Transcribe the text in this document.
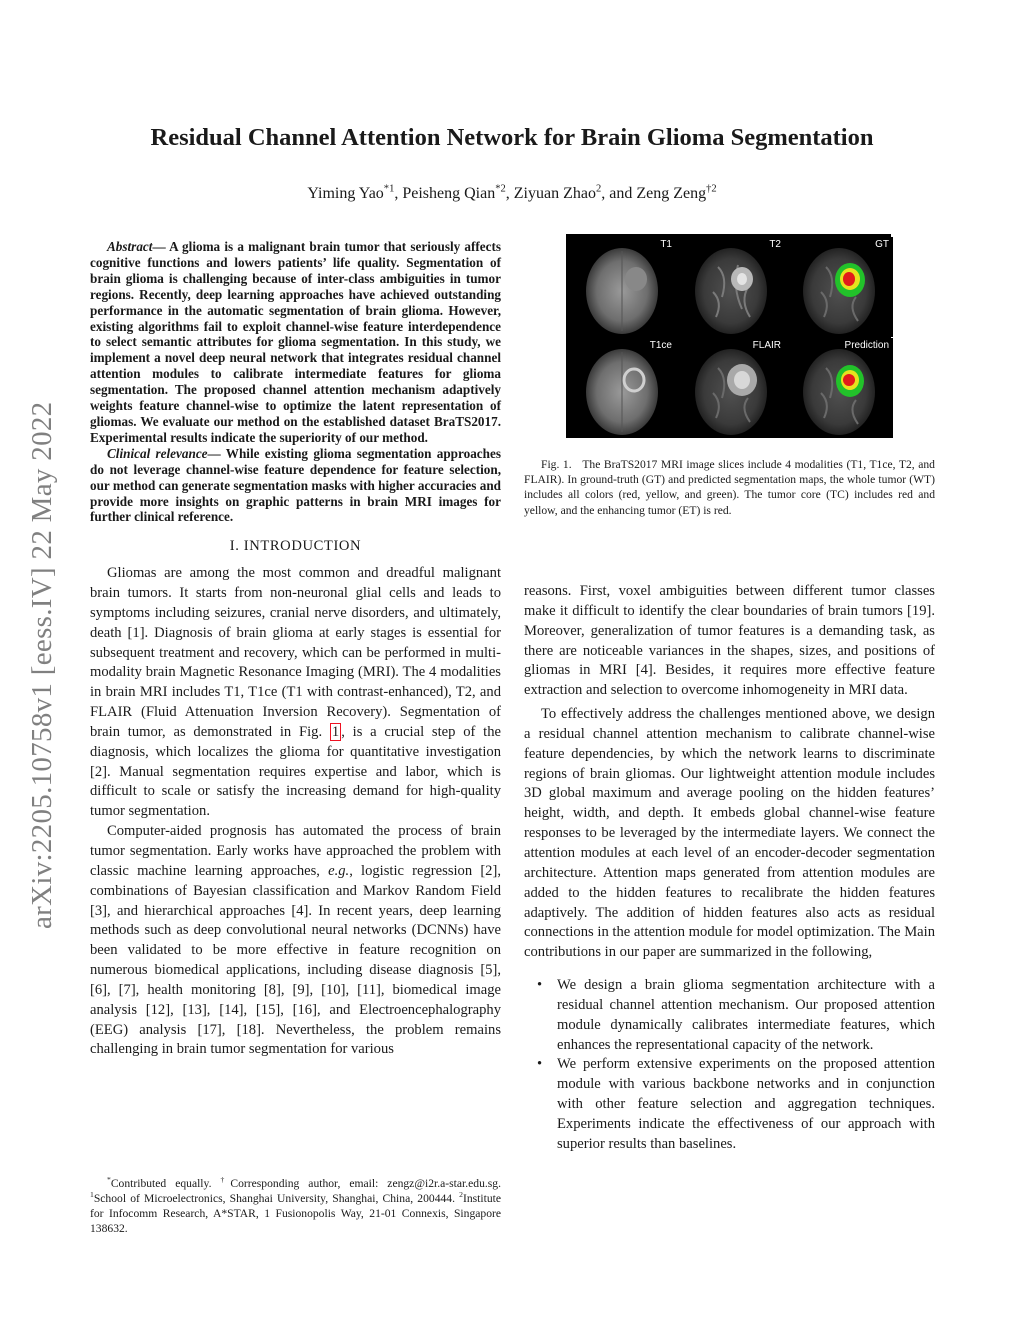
arXiv:2205.10758v1 [eess.IV] 22 May 2022
Residual Channel Attention Network for Brain Glioma Segmentation
Yiming Yao$^{*1}$, Peisheng Qian$^{*2}$, Ziyuan Zhao$^2$, and Zeng Zeng$^{\dagger 2}$

Abstract— A glioma is a malignant brain tumor that seriously affects cognitive functions and lowers patients’ life quality. Segmentation of brain glioma is challenging because of inter-class ambiguities in tumor regions. Recently, deep learning approaches have achieved outstanding performance in the automatic segmentation of brain glioma. However, existing algorithms fail to exploit channel-wise feature interdependence to select semantic attributes for glioma segmentation. In this study, we implement a novel deep neural network that integrates residual channel attention modules to calibrate intermediate features for glioma segmentation. The proposed channel attention mechanism adaptively weights feature channel-wise to optimize the latent representation of gliomas. We evaluate our method on the established dataset BraTS2017. Experimental results indicate the superiority of our method.

Clinical relevance— While existing glioma segmentation approaches do not leverage channel-wise feature dependence for feature selection, our method can generate segmentation masks with higher accuracies and provide more insights on graphic patterns in brain MRI images for further clinical reference.

I. INTRODUCTION

Gliomas are among the most common and dreadful malignant brain tumors. It starts from non-neuronal glial cells and leads to symptoms including seizures, cranial nerve disorders, and ultimately, death [1]. Diagnosis of brain glioma at early stages is essential for subsequent treatment and recovery, which can be performed in multi-modality brain Magnetic Resonance Imaging (MRI). The 4 modalities in brain MRI includes T1, T1ce (T1 with contrast-enhanced), T2, and FLAIR (Fluid Attenuation Inversion Recovery). Segmentation of brain tumor, as demonstrated in Fig. 1 , is a crucial step of the diagnosis, which localizes the glioma for quantitative investigation [2]. Manual segmentation requires expertise and labor, which is difficult to scale or satisfy the increasing demand for high-quality tumor segmentation.

Computer-aided prognosis has automated the process of brain tumor segmentation. Early works have approached the problem with classic machine learning approaches, e.g., logistic regression [2], combinations of Bayesian classification and Markov Random Field [3], and hierarchical approaches [4]. In recent years, deep learning methods such as deep convolutional neural networks (DCNNs) have been validated to be more effective in feature recognition on numerous biomedical applications, including disease diagnosis [5], [6], [7], health monitoring [8], [9], [10], [11], biomedical image analysis [12], [13], [14], [15], [16], and Electroencephalography (EEG) analysis [17], [18]. Nevertheless, the problem remains challenging in brain tumor segmentation for various

*Contributed equally. †Corresponding author, email: zengz@i2r.a-star.edu.sg. $^1$School of Microelectronics, Shanghai University, Shanghai, China, 200444. $^2$Institute for Infocomm Research, A*STAR, 1 Fusionopolis Way, 21-01 Connexis, Singapore 138632.

T1	T2	GT
T1ce	FLAIR	Prediction

Fig. 1. The BraTS2017 MRI image slices include 4 modalities (T1, T1ce, T2, and FLAIR). In ground-truth (GT) and predicted segmentation maps, the whole tumor (WT) includes all colors (red, yellow, and green). The tumor core (TC) includes red and yellow, and the enhancing tumor (ET) is red.

reasons. First, voxel ambiguities between different tumor classes make it difficult to identify the clear boundaries of brain tumors [19]. Moreover, generalization of tumor features is a demanding task, as there are noticeable variances in the shapes, sizes, and positions of gliomas in MRI [4]. Besides, it requires more effective feature extraction and selection to overcome inhomogeneity in MRI data.

To effectively address the challenges mentioned above, we design a residual channel attention mechanism to calibrate channel-wise feature dependencies, by which the network learns to discriminate regions of brain gliomas. Our lightweight attention module includes 3D global maximum and average pooling on the hidden features’ height, width, and depth. It embeds global channel-wise feature responses to be leveraged by the intermediate layers. We connect the attention modules at each level of an encoder-decoder segmentation architecture. Attention maps generated from attention modules are added to the hidden features to recalibrate the hidden features adaptively. The addition of hidden features also acts as residual connections in the attention module for model optimization. The Main contributions in our paper are summarized in the following,

• We design a brain glioma segmentation architecture with a residual channel attention mechanism. Our proposed attention module dynamically calibrates intermediate features, which enhances the representational capacity of the network.
• We perform extensive experiments on the proposed attention module with various backbone networks and in conjunction with other feature selection and aggregation techniques. Experiments indicate the effectiveness of our approach with superior results than baselines.
